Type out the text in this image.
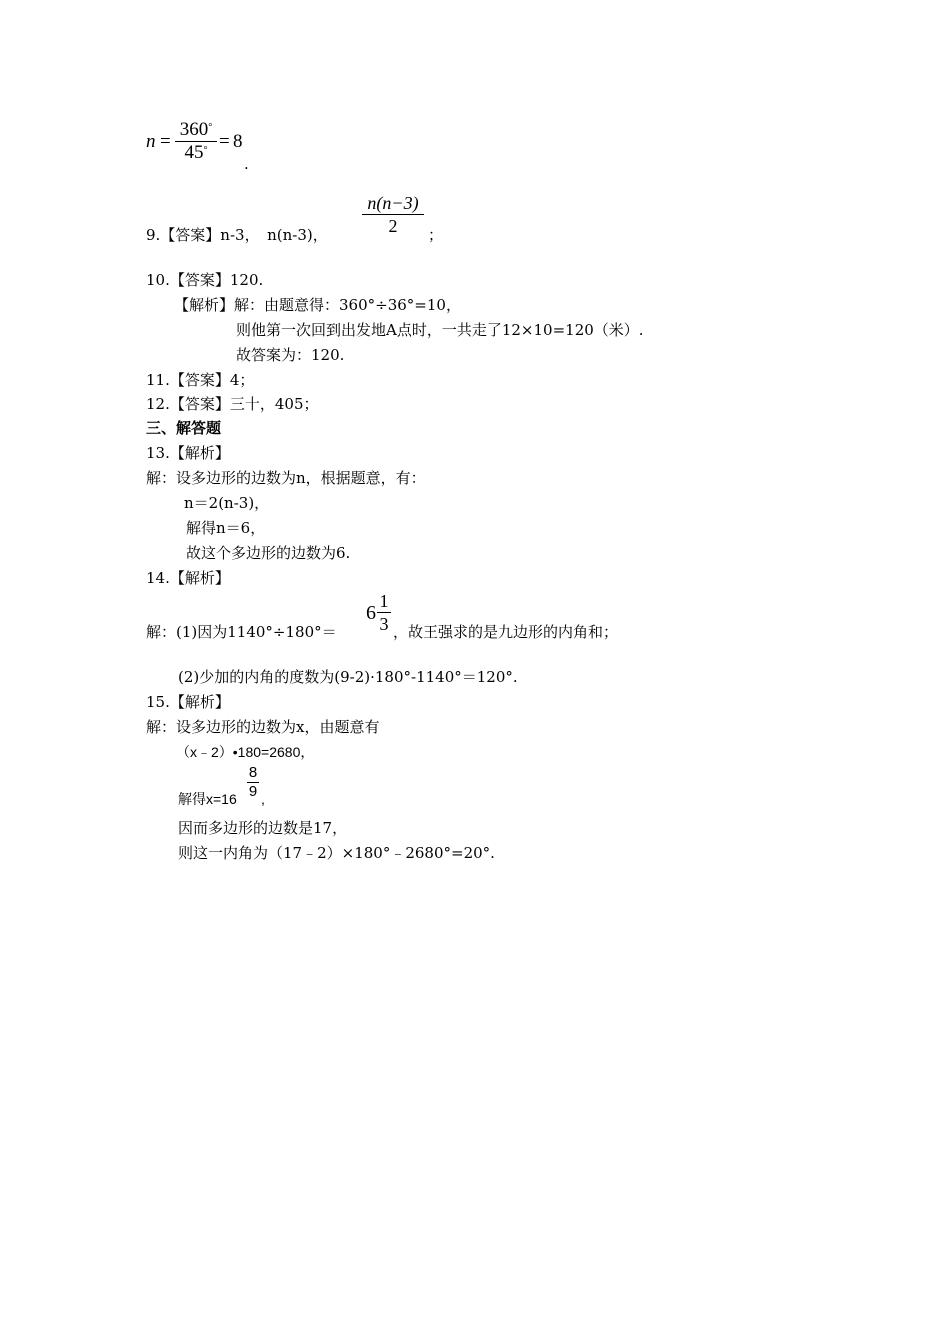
n =
360°
45° = 8
.
9.【答案】n-3，　n(n-3)，
n(n−3)
2	；
10.【答案】120.
【解析】解：由题意得：360°÷36°=10，
则他第一次回到出发地A点时，一共走了12×10=120（米）.
故答案为：120.
11.【答案】4；
12.【答案】三十，405；
三、解答题
13.【解析】
解：设多边形的边数为n，根据题意，有：
n＝2(n-3)，
解得n＝6，
故这个多边形的边数为6.
14.【解析】
解：(1)因为1140°÷180°＝
6
1
3 ，故王强求的是九边形的内角和；
(2)少加的内角的度数为(9-2)·180°-1140°＝120°.
15.【解析】
解：设多边形的边数为x，由题意有
（x﹣2）•180=2680，
解得x=16
8
9 ,
因而多边形的边数是17，
则这一内角为（17﹣2）×180°﹣2680°=20°.
